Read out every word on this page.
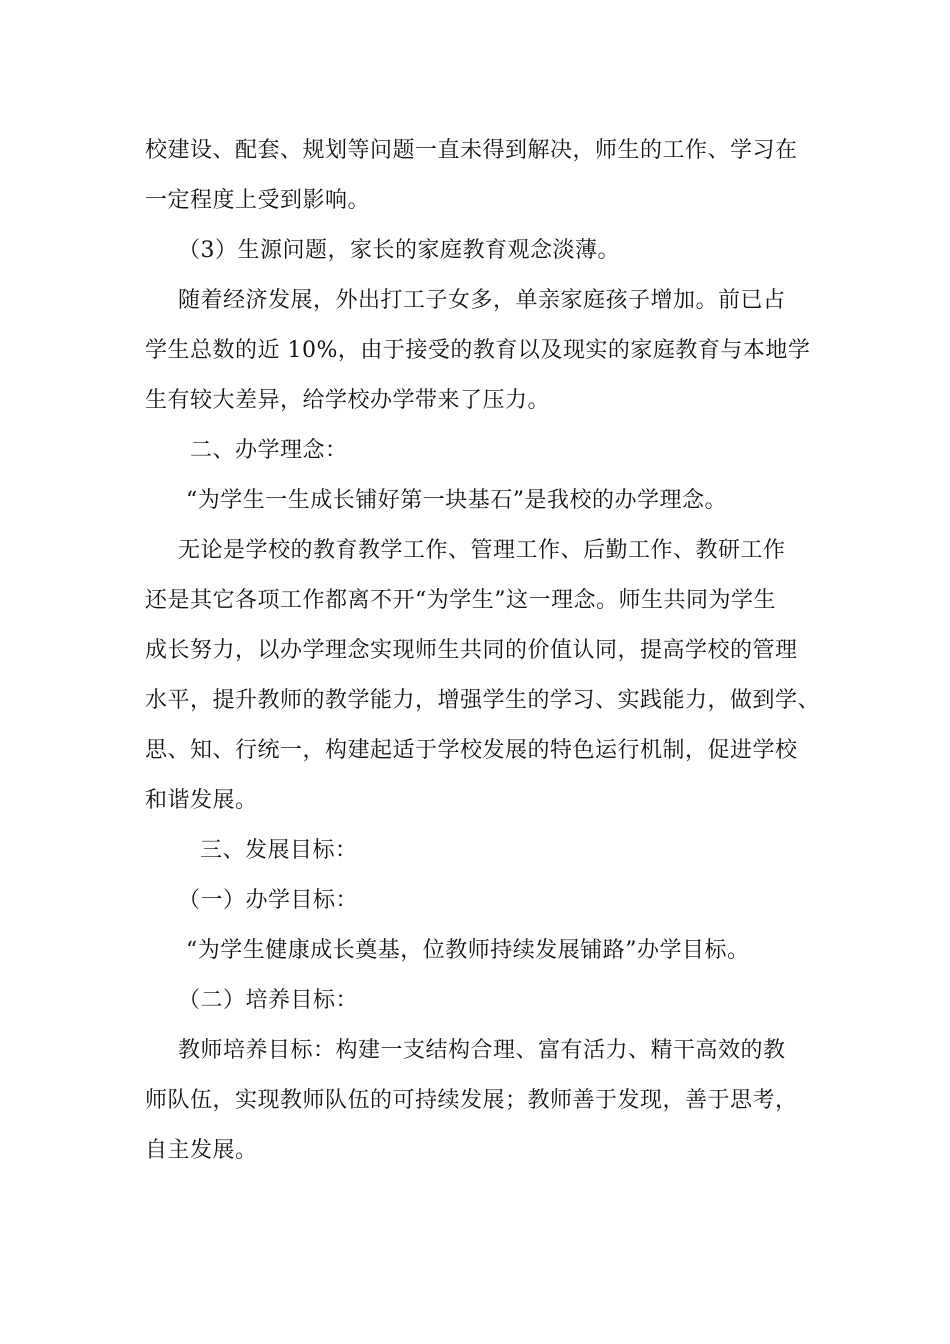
校建设、配套、规划等问题一直未得到解决，师生的工作、学习在
一定程度上受到影响。
（3）生源问题，家长的家庭教育观念淡薄。
随着经济发展，外出打工子女多，单亲家庭孩子增加。前已占
学生总数的近 10%，由于接受的教育以及现实的家庭教育与本地学
生有较大差异，给学校办学带来了压力。
二、办学理念：
“为学生一生成长铺好第一块基石”是我校的办学理念。
无论是学校的教育教学工作、管理工作、后勤工作、教研工作
还是其它各项工作都离不开“为学生”这一理念。师生共同为学生
成长努力，以办学理念实现师生共同的价值认同，提高学校的管理
水平，提升教师的教学能力，增强学生的学习、实践能力，做到学、
思、知、行统一，构建起适于学校发展的特色运行机制，促进学校
和谐发展。
三、发展目标：
（一）办学目标：
“为学生健康成长奠基，位教师持续发展铺路”办学目标。
（二）培养目标：
教师培养目标：构建一支结构合理、富有活力、精干高效的教
师队伍，实现教师队伍的可持续发展；教师善于发现，善于思考，
自主发展。
